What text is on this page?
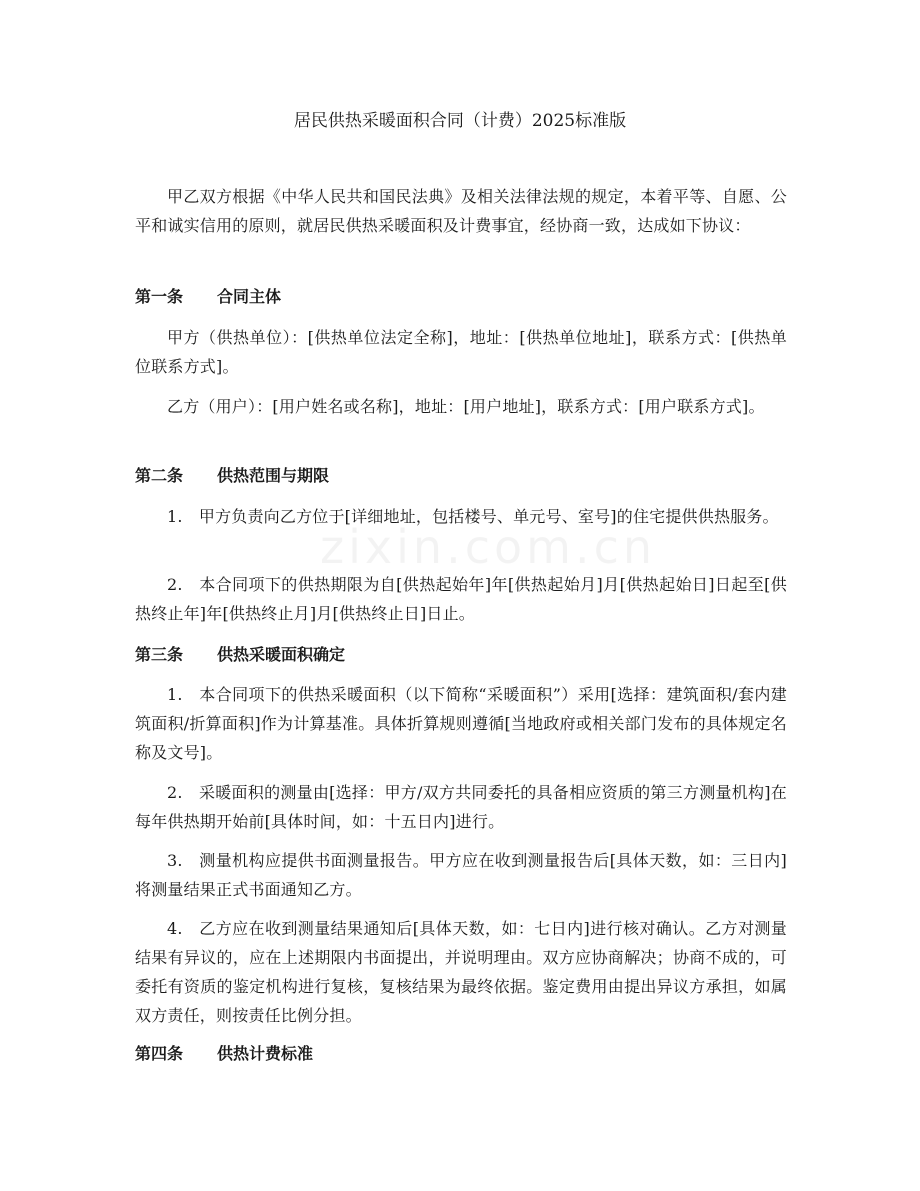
居民供热采暖面积合同（计费）2025标准版

甲乙双方根据《中华人民共和国民法典》及相关法律法规的规定，本着平等、自愿、公平和诚实信用的原则，就居民供热采暖面积及计费事宜，经协商一致，达成如下协议：

第一条 合同主体

甲方（供热单位）：[供热单位法定全称]，地址：[供热单位地址]，联系方式：[供热单位联系方式]。

乙方（用户）：[用户姓名或名称]，地址：[用户地址]，联系方式：[用户联系方式]。

第二条 供热范围与期限

1.　甲方负责向乙方位于[详细地址，包括楼号、单元号、室号]的住宅提供供热服务。

2.　本合同项下的供热期限为自[供热起始年]年[供热起始月]月[供热起始日]日起至[供热终止年]年[供热终止月]月[供热终止日]日止。

第三条 供热采暖面积确定

1.　本合同项下的供热采暖面积（以下简称“采暖面积”）采用[选择：建筑面积/套内建筑面积/折算面积]作为计算基准。具体折算规则遵循[当地政府或相关部门发布的具体规定名称及文号]。

2.　采暖面积的测量由[选择：甲方/双方共同委托的具备相应资质的第三方测量机构]在每年供热期开始前[具体时间，如：十五日内]进行。

3.　测量机构应提供书面测量报告。甲方应在收到测量报告后[具体天数，如：三日内]将测量结果正式书面通知乙方。

4.　乙方应在收到测量结果通知后[具体天数，如：七日内]进行核对确认。乙方对测量结果有异议的，应在上述期限内书面提出，并说明理由。双方应协商解决；协商不成的，可委托有资质的鉴定机构进行复核，复核结果为最终依据。鉴定费用由提出异议方承担，如属双方责任，则按责任比例分担。

第四条 供热计费标准
